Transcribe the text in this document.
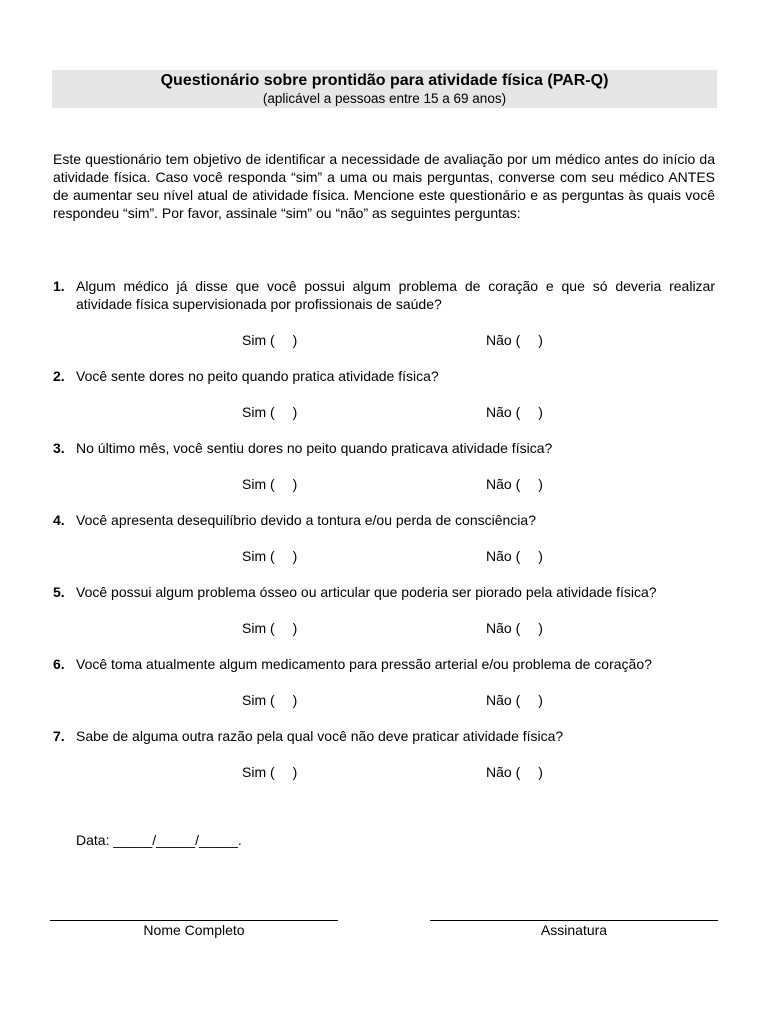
Questionário sobre prontidão para atividade física (PAR-Q)
(aplicável a pessoas entre 15 a 69 anos)
Este questionário tem objetivo de identificar a necessidade de avaliação por um médico antes do início da atividade física. Caso você responda “sim” a uma ou mais perguntas, converse com seu médico ANTES de aumentar seu nível atual de atividade física. Mencione este questionário e as perguntas às quais você respondeu “sim”. Por favor, assinale “sim” ou “não” as seguintes perguntas:
1. Algum médico já disse que você possui algum problema de coração e que só deveria realizar atividade física supervisionada por profissionais de saúde?
Sim ( )	Não ( )
2. Você sente dores no peito quando pratica atividade física?
Sim ( )	Não ( )
3. No último mês, você sentiu dores no peito quando praticava atividade física?
Sim ( )	Não ( )
4. Você apresenta desequilíbrio devido a tontura e/ou perda de consciência?
Sim ( )	Não ( )
5. Você possui algum problema ósseo ou articular que poderia ser piorado pela atividade física?
Sim ( )	Não ( )
6. Você toma atualmente algum medicamento para pressão arterial e/ou problema de coração?
Sim ( )	Não ( )
7. Sabe de alguma outra razão pela qual você não deve praticar atividade física?
Sim ( )	Não ( )
Data: _____/_____/_____.
Nome Completo	Assinatura
